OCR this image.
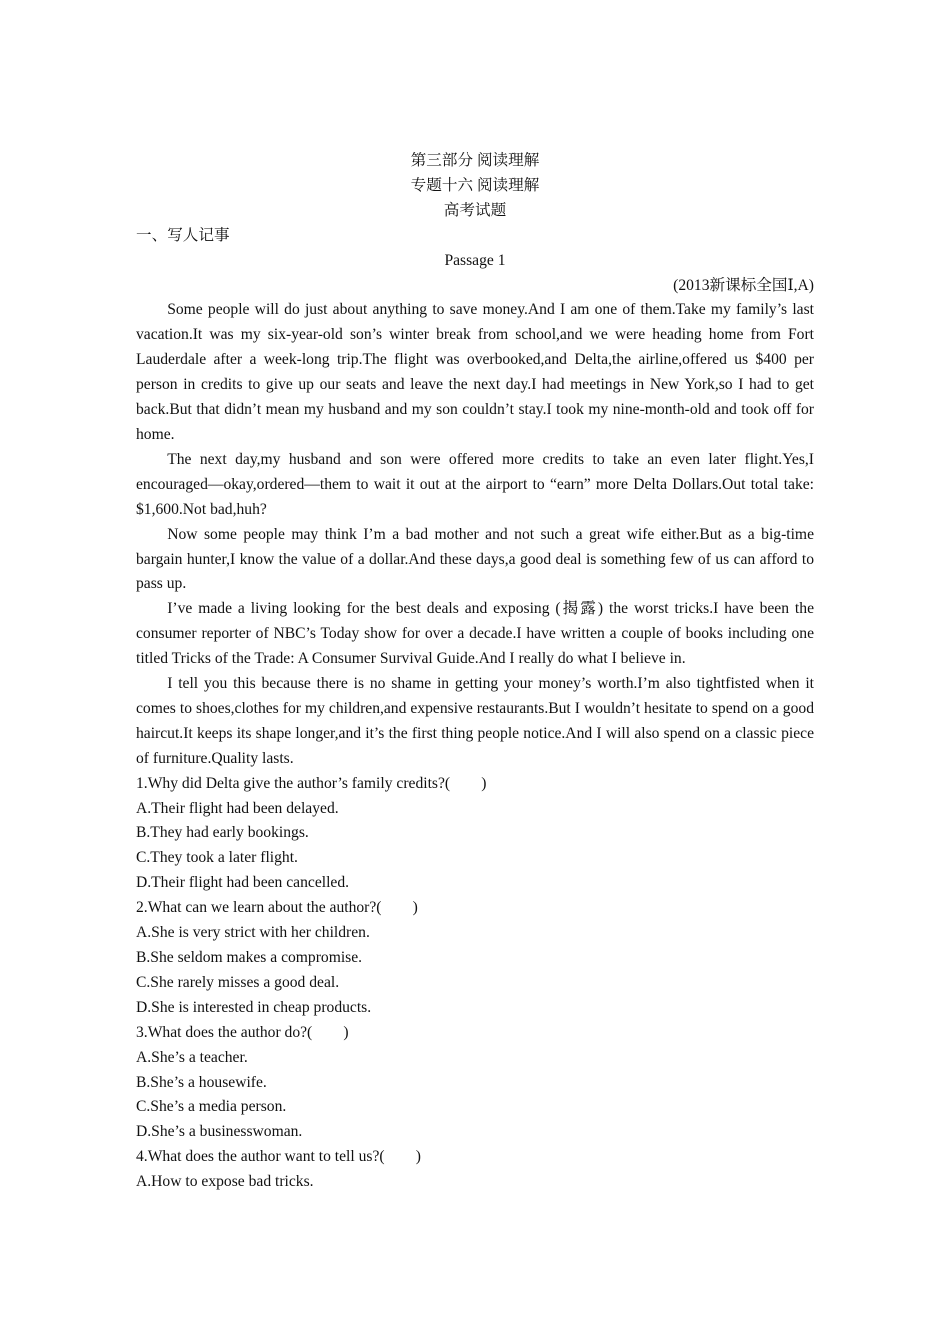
第三部分 阅读理解

专题十六 阅读理解

高考试题

一、写人记事

Passage 1

(2013新课标全国Ⅰ,A)

Some people will do just about anything to save money.And I am one of them.Take my family’s last vacation.It was my six-year-old son’s winter break from school,and we were heading home from Fort Lauderdale after a week-long trip.The flight was overbooked,and Delta,the airline,offered us $400 per person in credits to give up our seats and leave the next day.I had meetings in New York,so I had to get back.But that didn’t mean my husband and my son couldn’t stay.I took my nine-month-old and took off for home.

The next day,my husband and son were offered more credits to take an even later flight.Yes,I encouraged—okay,ordered—them to wait it out at the airport to “earn” more Delta Dollars.Out total take: $1,600.Not bad,huh?

Now some people may think I’m a bad mother and not such a great wife either.But as a big-time bargain hunter,I know the value of a dollar.And these days,a good deal is something few of us can afford to pass up.

I’ve made a living looking for the best deals and exposing (揭露) the worst tricks.I have been the consumer reporter of NBC’s Today show for over a decade.I have written a couple of books including one titled Tricks of the Trade: A Consumer Survival Guide.And I really do what I believe in.

I tell you this because there is no shame in getting your money’s worth.I’m also tightfisted when it comes to shoes,clothes for my children,and expensive restaurants.But I wouldn’t hesitate to spend on a good haircut.It keeps its shape longer,and it’s the first thing people notice.And I will also spend on a classic piece of furniture.Quality lasts.

1.Why did Delta give the author’s family credits?(　　)

A.Their flight had been delayed.

B.They had early bookings.

C.They took a later flight.

D.Their flight had been cancelled.

2.What can we learn about the author?(　　)

A.She is very strict with her children.

B.She seldom makes a compromise.

C.She rarely misses a good deal.

D.She is interested in cheap products.

3.What does the author do?(　　)

A.She’s a teacher.

B.She’s a housewife.

C.She’s a media person.

D.She’s a businesswoman.

4.What does the author want to tell us?(　　)

A.How to expose bad tricks.
